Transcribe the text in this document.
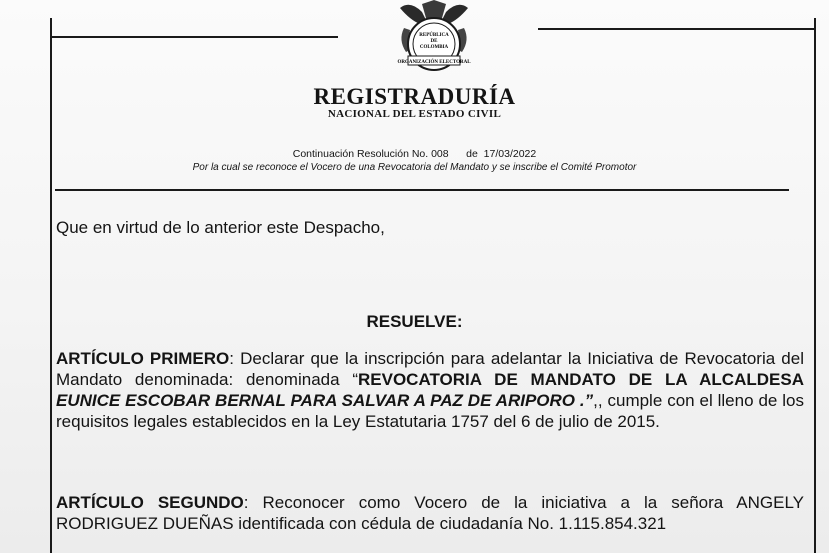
REPÚBLICA
DE
COLOMBIA
ORGANIZACIÓN ELECTORAL
REGISTRADURÍA
NACIONAL DEL ESTADO CIVIL
Continuación Resolución No. 008 de 17/03/2022
Por la cual se reconoce el Vocero de una Revocatoria del Mandato y se inscribe el Comité Promotor
Que en virtud de lo anterior este Despacho,
RESUELVE:
ARTÍCULO PRIMERO: Declarar que la inscripción para adelantar la Iniciativa de Revocatoria del Mandato denominada: denominada “REVOCATORIA DE MANDATO DE LA ALCALDESA EUNICE ESCOBAR BERNAL PARA SALVAR A PAZ DE ARIPORO .”,, cumple con el lleno de los requisitos legales establecidos en la Ley Estatutaria 1757 del 6 de julio de 2015.
ARTÍCULO SEGUNDO: Reconocer como Vocero de la iniciativa a la señora ANGELY RODRIGUEZ DUEÑAS identificada con cédula de ciudadanía No. 1.115.854.321
